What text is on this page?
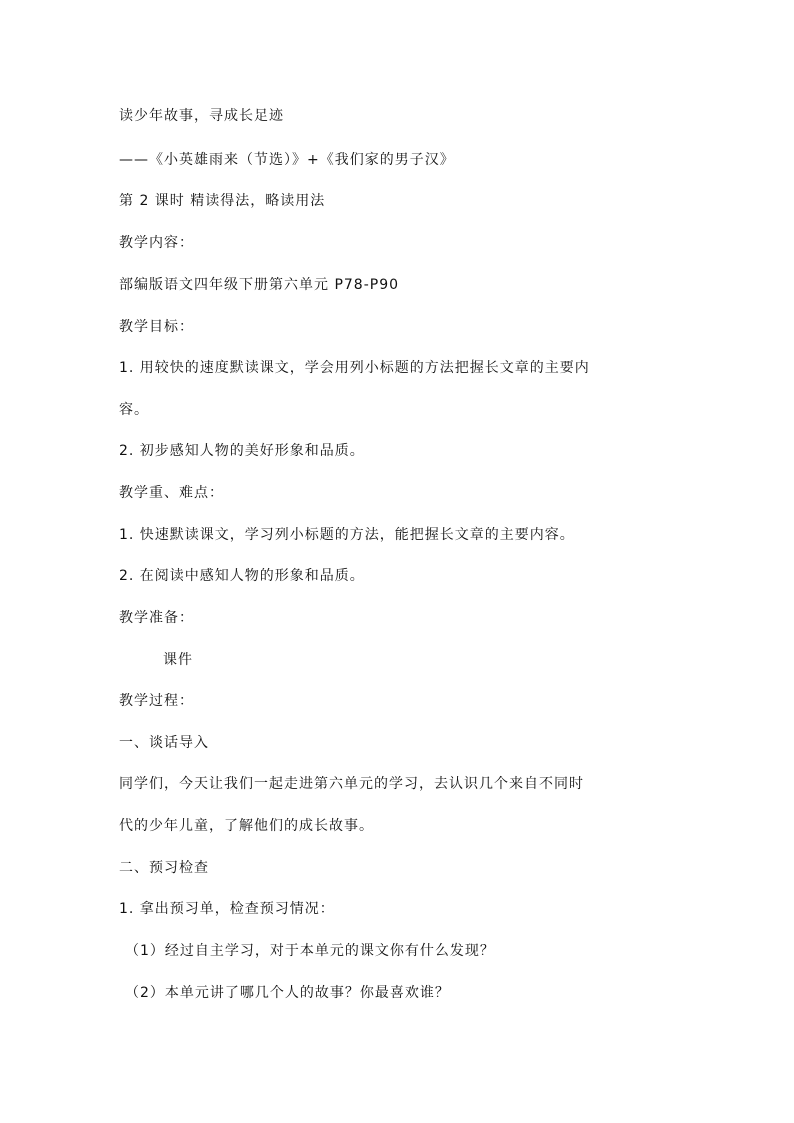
读少年故事，寻成长足迹
——《小英雄雨来（节选）》+《我们家的男子汉》
第 2 课时 精读得法，略读用法
教学内容：
部编版语文四年级下册第六单元 P78-P90
教学目标：
1. 用较快的速度默读课文，学会用列小标题的方法把握长文章的主要内
容。
2. 初步感知人物的美好形象和品质。
教学重、难点：
1. 快速默读课文，学习列小标题的方法，能把握长文章的主要内容。
2. 在阅读中感知人物的形象和品质。
教学准备：
课件
教学过程：
一、谈话导入
同学们，今天让我们一起走进第六单元的学习，去认识几个来自不同时
代的少年儿童，了解他们的成长故事。
二、预习检查
1. 拿出预习单，检查预习情况：
（1）经过自主学习，对于本单元的课文你有什么发现？
（2）本单元讲了哪几个人的故事？你最喜欢谁？
